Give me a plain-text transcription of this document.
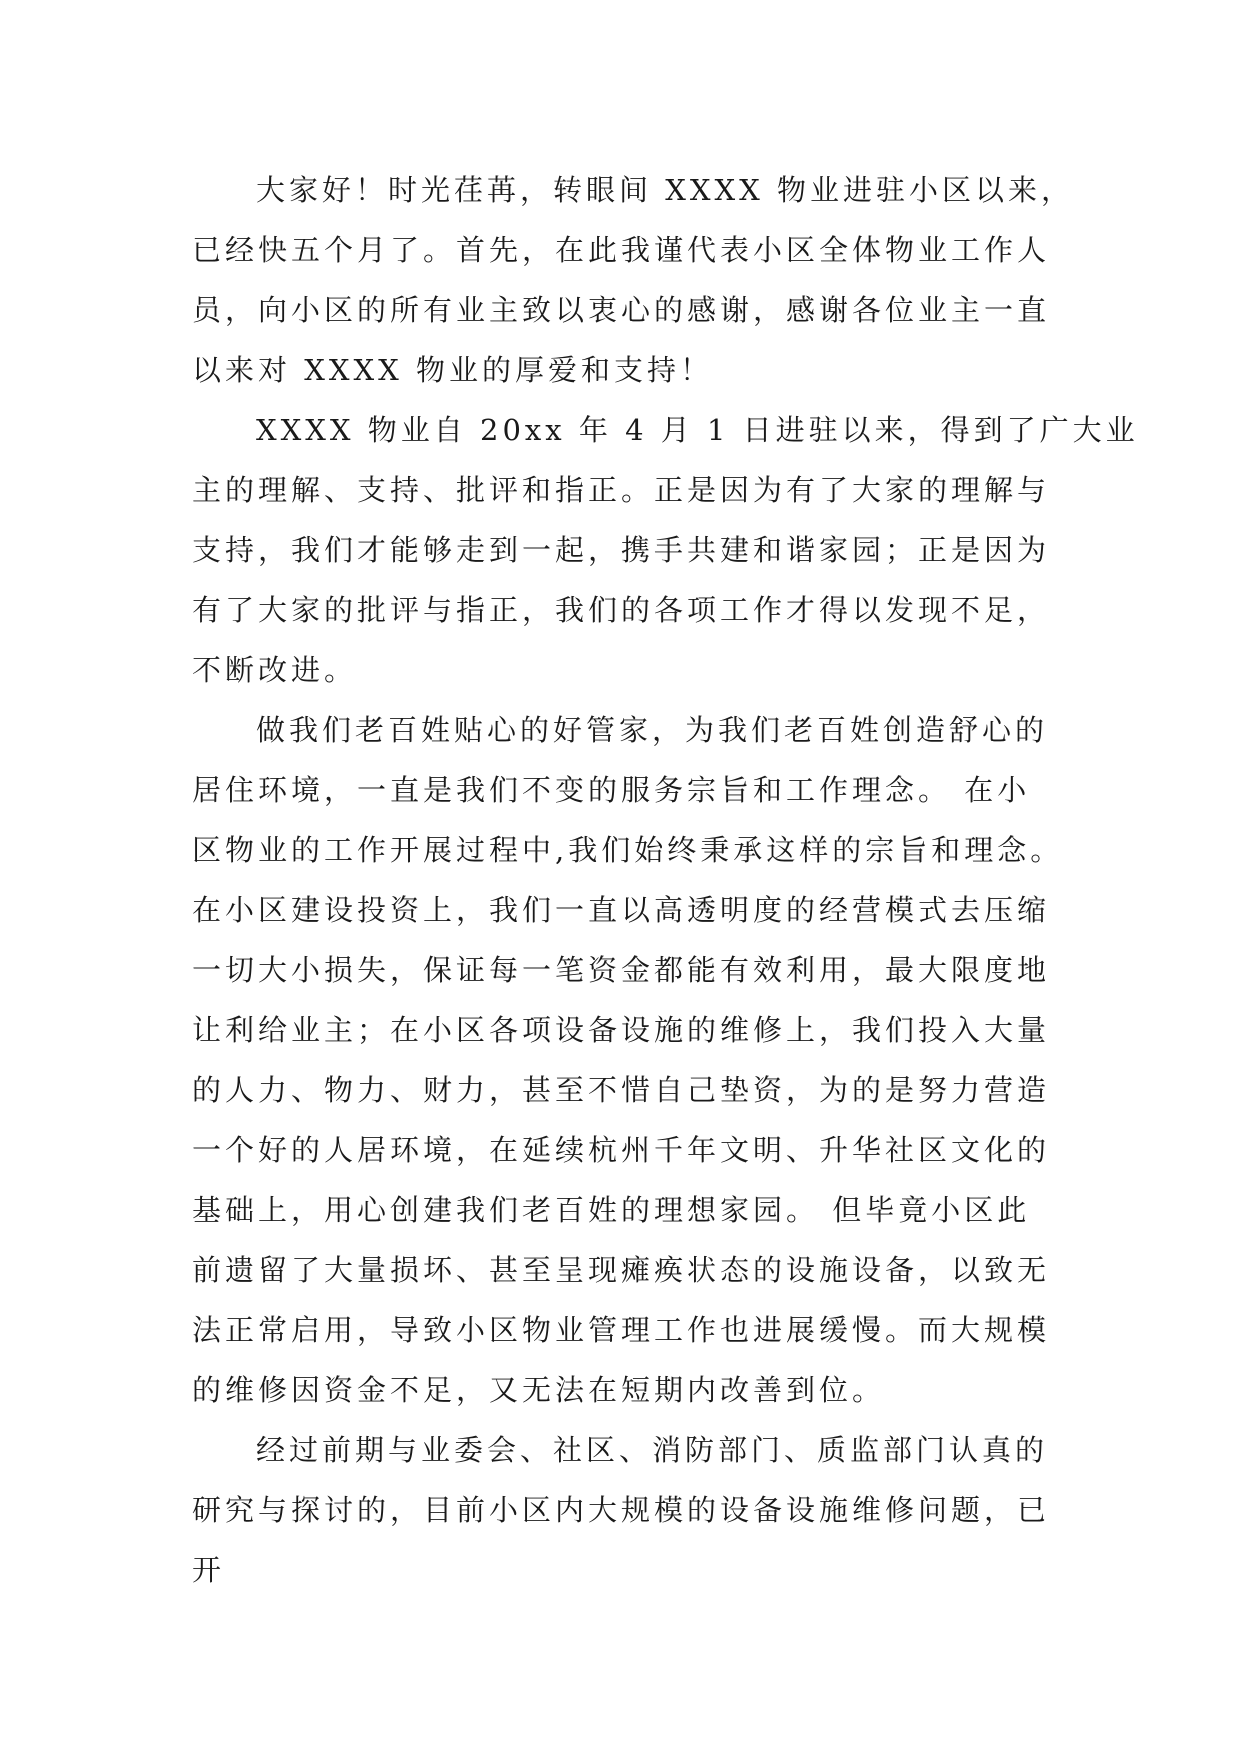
大家好！时光荏苒，转眼间 XXXX 物业进驻小区以来，
已经快五个月了。首先，在此我谨代表小区全体物业工作人
员，向小区的所有业主致以衷心的感谢，感谢各位业主一直
以来对 XXXX 物业的厚爱和支持！
XXXX 物业自 20xx 年 4 月 1 日进驻以来，得到了广大业
主的理解、支持、批评和指正。正是因为有了大家的理解与
支持，我们才能够走到一起，携手共建和谐家园；正是因为
有了大家的批评与指正，我们的各项工作才得以发现不足，
不断改进。
做我们老百姓贴心的好管家，为我们老百姓创造舒心的
居住环境，一直是我们不变的服务宗旨和工作理念。 在小
区物业的工作开展过程中,我们始终秉承这样的宗旨和理念。
在小区建设投资上，我们一直以高透明度的经营模式去压缩
一切大小损失，保证每一笔资金都能有效利用，最大限度地
让利给业主；在小区各项设备设施的维修上，我们投入大量
的人力、物力、财力，甚至不惜自己垫资，为的是努力营造
一个好的人居环境，在延续杭州千年文明、升华社区文化的
基础上，用心创建我们老百姓的理想家园。 但毕竟小区此
前遗留了大量损坏、甚至呈现瘫痪状态的设施设备，以致无
法正常启用，导致小区物业管理工作也进展缓慢。而大规模
的维修因资金不足，又无法在短期内改善到位。
经过前期与业委会、社区、消防部门、质监部门认真的
研究与探讨的，目前小区内大规模的设备设施维修问题，已
开
